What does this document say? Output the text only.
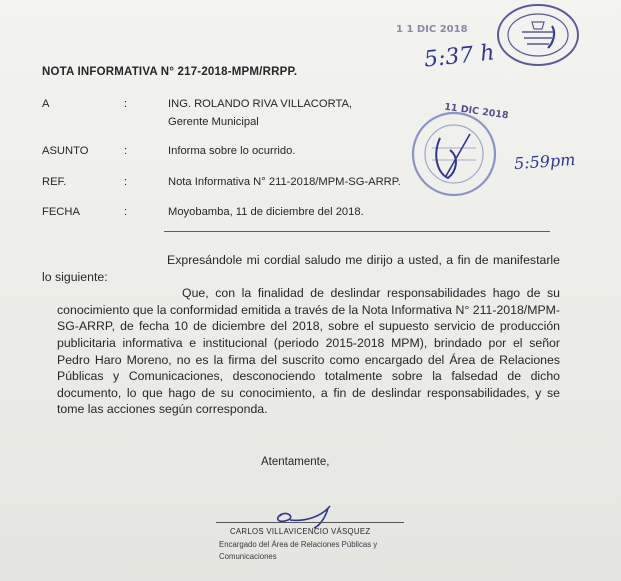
1 1 DIC 2018
5:37 h
11 DIC 2018
5:59pm
NOTA INFORMATIVA N° 217-2018-MPM/RRPP.
A	:	ING. ROLANDO RIVA VILLACORTA,
Gerente Municipal
ASUNTO	:	Informa sobre lo ocurrido.
REF.	:	Nota Informativa N° 211-2018/MPM-SG-ARRP.
FECHA	:	Moyobamba, 11 de diciembre del 2018.

Expresándole mi cordial saludo me dirijo a usted, a fin de manifestarle lo siguiente:

Que, con la finalidad de deslindar responsabilidades hago de su conocimiento que la conformidad emitida a través de la Nota Informativa N° 211-2018/MPM-SG-ARRP, de fecha 10 de diciembre del 2018, sobre el supuesto servicio de producción publicitaria informativa e institucional (periodo 2015-2018 MPM), brindado por el señor Pedro Haro Moreno, no es la firma del suscrito como encargado del Área de Relaciones Públicas y Comunicaciones, desconociendo totalmente sobre la falsedad de dicho documento, lo que hago de su conocimiento, a fin de deslindar responsabilidades, y se tome las acciones según corresponda.

Atentamente,
CARLOS VILLAVICENCIO VÁSQUEZ
Encargado del Área de Relaciones Públicas y Comunicaciones
